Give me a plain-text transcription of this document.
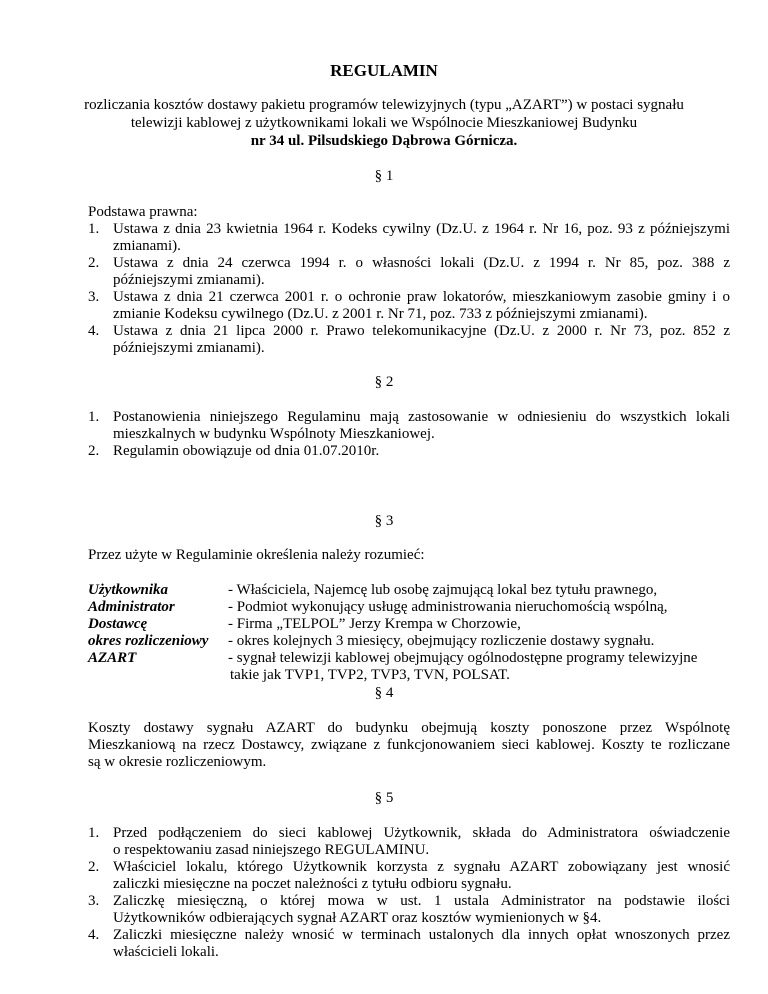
REGULAMIN
rozliczania kosztów dostawy pakietu programów telewizyjnych (typu „AZART”) w postaci sygnału
telewizji kablowej z użytkownikami lokali we Wspólnocie Mieszkaniowej Budynku
nr 34 ul. Pilsudskiego Dąbrowa Górnicza.
§ 1
Podstawa prawna:
1. Ustawa z dnia 23 kwietnia 1964 r. Kodeks cywilny (Dz.U. z 1964 r. Nr 16, poz. 93 z późniejszymi
zmianami).
2. Ustawa z dnia 24 czerwca 1994 r. o własności lokali (Dz.U. z 1994 r. Nr 85, poz. 388 z
późniejszymi zmianami).
3. Ustawa z dnia 21 czerwca 2001 r. o ochronie praw lokatorów, mieszkaniowym zasobie gminy i o
zmianie Kodeksu cywilnego (Dz.U. z 2001 r. Nr 71, poz. 733 z późniejszymi zmianami).
4. Ustawa z dnia 21 lipca 2000 r. Prawo telekomunikacyjne (Dz.U. z 2000 r. Nr 73, poz. 852 z
późniejszymi zmianami).
§ 2
1. Postanowienia niniejszego Regulaminu mają zastosowanie w odniesieniu do wszystkich lokali
mieszkalnych w budynku Wspólnoty Mieszkaniowej.
2. Regulamin obowiązuje od dnia 01.07.2010r.
§ 3
Przez użyte w Regulaminie określenia należy rozumieć:
Użytkownika	- Właściciela, Najemcę lub osobę zajmującą lokal bez tytułu prawnego,
Administrator	- Podmiot wykonujący usługę administrowania nieruchomością wspólną,
Dostawcę	- Firma „TELPOL” Jerzy Krempa w Chorzowie,
okres rozliczeniowy - okres kolejnych 3 miesięcy, obejmujący rozliczenie dostawy sygnału.
AZART	- sygnał telewizji kablowej obejmujący ogólnodostępne programy telewizyjne
takie jak TVP1, TVP2, TVP3, TVN, POLSAT.
§ 4
Koszty dostawy sygnału AZART do budynku obejmują koszty ponoszone przez Wspólnotę
Mieszkaniową na rzecz Dostawcy, związane z funkcjonowaniem sieci kablowej. Koszty te rozliczane
są w okresie rozliczeniowym.
§ 5
1. Przed podłączeniem do sieci kablowej Użytkownik, składa do Administratora oświadczenie
o respektowaniu zasad niniejszego REGULAMINU.
2. Właściciel lokalu, którego Użytkownik korzysta z sygnału AZART zobowiązany jest wnosić
zaliczki miesięczne na poczet należności z tytułu odbioru sygnału.
3. Zaliczkę miesięczną, o której mowa w ust. 1 ustala Administrator na podstawie ilości
Użytkowników odbierających sygnał AZART oraz kosztów wymienionych w §4.
4. Zaliczki miesięczne należy wnosić w terminach ustalonych dla innych opłat wnoszonych przez
właścicieli lokali.
